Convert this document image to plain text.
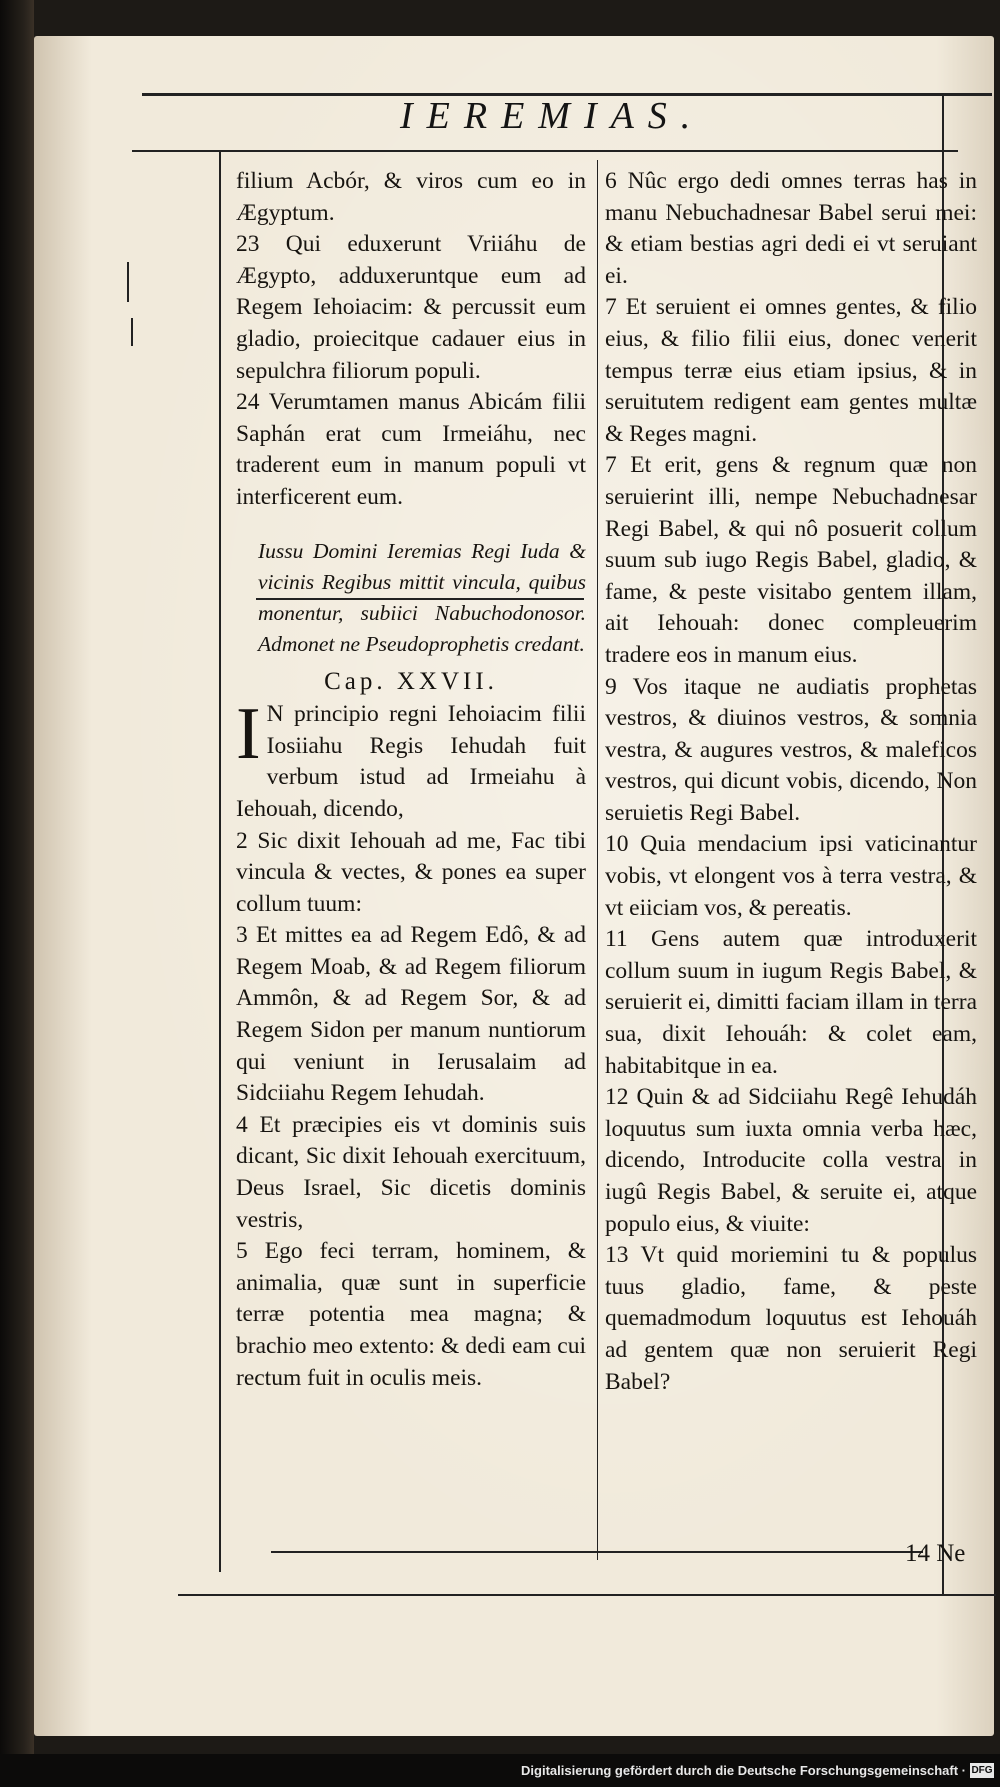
IEREMIAS.

filium Acbór, & viros cum eo in Ægyptum.

23 Qui eduxerunt Vriiáhu de Ægypto, adduxeruntque eum ad Regem Iehoiacim: & percussit eum gladio, proiecitque cadauer eius in sepulchra filiorum populi.

24 Verumtamen manus Abicám filii Saphán erat cum Irmeiáhu, nec traderent eum in manum populi vt interficerent eum.

Iussu Domini Ieremias Regi Iuda & vicinis Regibus mittit vincula, quibus monentur, subiici Nabuchodonosor. Admonet ne Pseudoprophetis credant.

Cap. XXVII.

I N principio regni Iehoiacim filii Iosiiahu Regis Iehudah fuit verbum istud ad Irmeiahu à Iehouah, dicendo,

2 Sic dixit Iehouah ad me, Fac tibi vincula & vectes, & pones ea super collum tuum:

3 Et mittes ea ad Regem Edô, & ad Regem Moab, & ad Regem filiorum Ammôn, & ad Regem Sor, & ad Regem Sidon per manum nuntiorum qui veniunt in Ierusalaim ad Sidciiahu Regem Iehudah.

4 Et præcipies eis vt dominis suis dicant, Sic dixit Iehouah exercituum, Deus Israel, Sic dicetis dominis vestris,

5 Ego feci terram, hominem, & animalia, quæ sunt in superficie terræ potentia mea magna; & brachio meo extento: & dedi eam cui rectum fuit in oculis meis.

6 Nûc ergo dedi omnes terras has in manu Nebuchadnesar Babel serui mei: & etiam bestias agri dedi ei vt seruiant ei.

7 Et seruient ei omnes gentes, & filio eius, & filio filii eius, donec venerit tempus terræ eius etiam ipsius, & in seruitutem redigent eam gentes multæ & Reges magni.

7 Et erit, gens & regnum quæ non seruierint illi, nempe Nebuchadnesar Regi Babel, & qui nô posuerit collum suum sub iugo Regis Babel, gladio, & fame, & peste visitabo gentem illam, ait Iehouah: donec compleuerim tradere eos in manum eius.

9 Vos itaque ne audiatis prophetas vestros, & diuinos vestros, & somnia vestra, & augures vestros, & maleficos vestros, qui dicunt vobis, dicendo, Non seruietis Regi Babel.

10 Quia mendacium ipsi vaticinantur vobis, vt elongent vos à terra vestra, & vt eiiciam vos, & pereatis.

11 Gens autem quæ introduxerit collum suum in iugum Regis Babel, & seruierit ei, dimitti faciam illam in terra sua, dixit Iehouáh: & colet eam, habitabitque in ea.

12 Quin & ad Sidciiahu Regê Iehudáh loquutus sum iuxta omnia verba hæc, dicendo, Introducite colla vestra in iugû Regis Babel, & seruite ei, atque populo eius, & viuite:

13 Vt quid moriemini tu & populus tuus gladio, fame, & peste quemadmodum loquutus est Iehouáh ad gentem quæ non seruierit Regi Babel?

14 Ne
Digitalisierung gefördert durch die Deutsche Forschungsgemeinschaft · DFG
